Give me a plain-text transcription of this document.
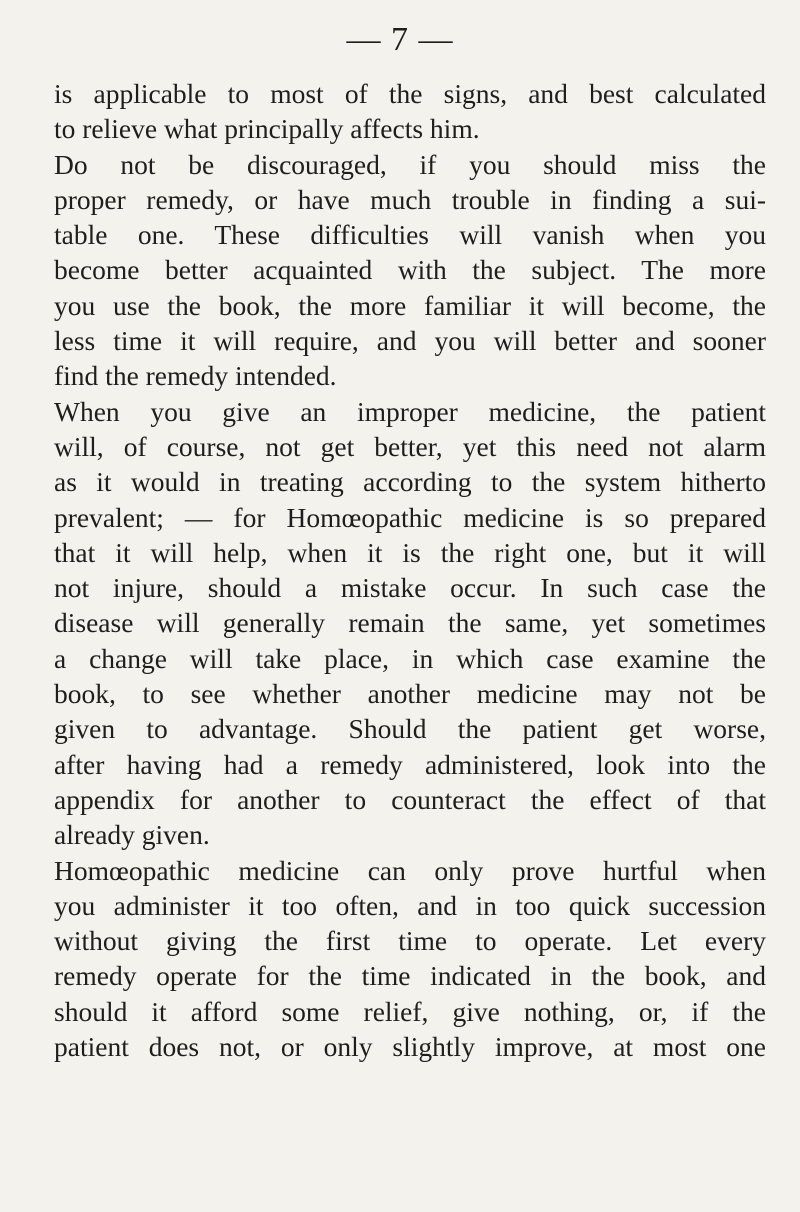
— 7 —
is applicable to most of the signs, and best calculated
to relieve what principally affects him.
Do not be discouraged, if you should miss the
proper remedy, or have much trouble in finding a sui-
table one. These difficulties will vanish when you
become better acquainted with the subject. The more
you use the book, the more familiar it will become, the
less time it will require, and you will better and sooner
find the remedy intended.
When you give an improper medicine, the patient
will, of course, not get better, yet this need not alarm
as it would in treating according to the system hitherto
prevalent; — for Homœopathic medicine is so prepared
that it will help, when it is the right one, but it will
not injure, should a mistake occur. In such case the
disease will generally remain the same, yet sometimes
a change will take place, in which case examine the
book, to see whether another medicine may not be
given to advantage. Should the patient get worse,
after having had a remedy administered, look into the
appendix for another to counteract the effect of that
already given.
Homœopathic medicine can only prove hurtful when
you administer it too often, and in too quick succession
without giving the first time to operate. Let every
remedy operate for the time indicated in the book, and
should it afford some relief, give nothing, or, if the
patient does not, or only slightly improve, at most one
